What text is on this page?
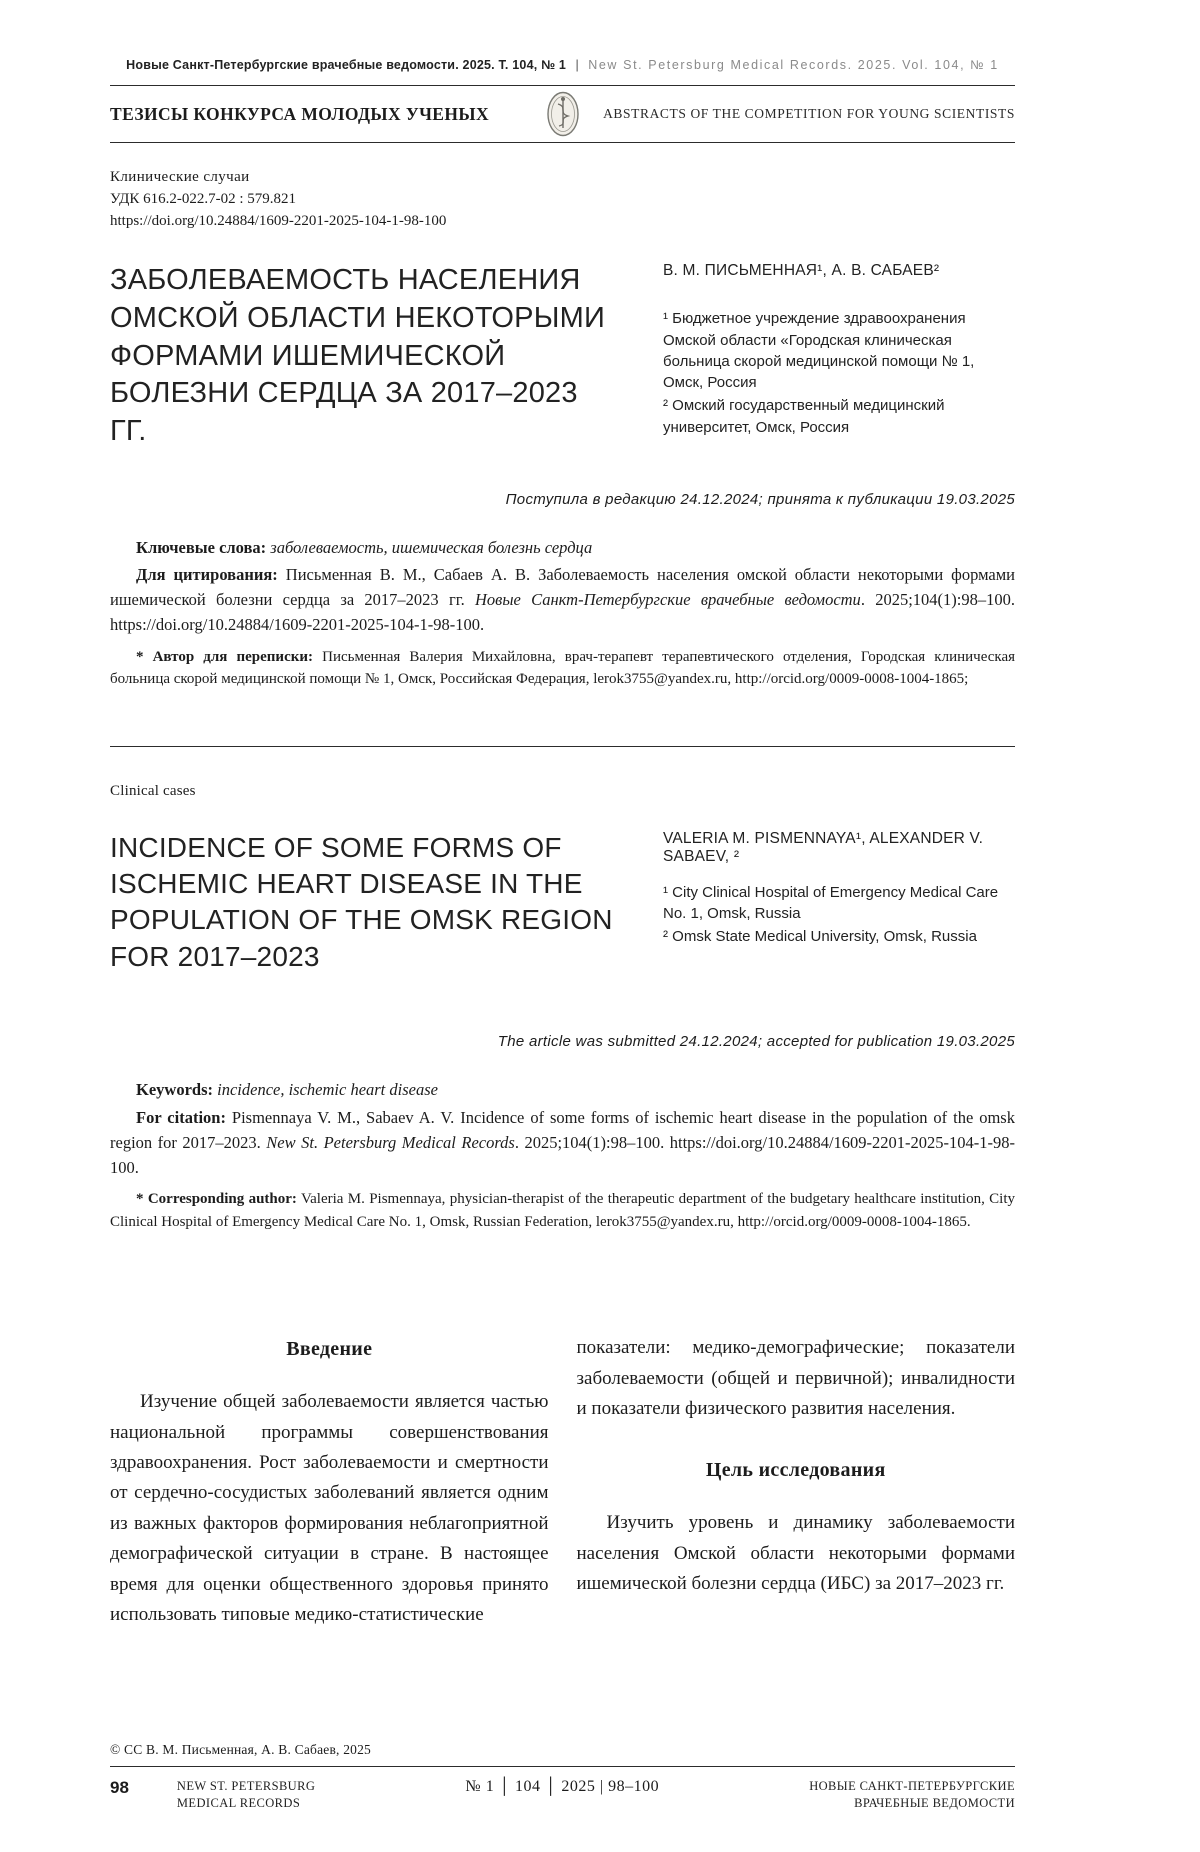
Новые Санкт-Петербургские врачебные ведомости. 2025. Т. 104, № 1 | New St. Petersburg Medical Records. 2025. Vol. 104, № 1
ТЕЗИСЫ КОНКУРСА МОЛОДЫХ УЧЕНЫХ	ABSTRACTS OF THE COMPETITION FOR YOUNG SCIENTISTS
Клинические случаи
УДК 616.2-022.7-02 : 579.821
https://doi.org/10.24884/1609-2201-2025-104-1-98-100
ЗАБОЛЕВАЕМОСТЬ НАСЕЛЕНИЯ ОМСКОЙ ОБЛАСТИ НЕКОТОРЫМИ ФОРМАМИ ИШЕМИЧЕСКОЙ БОЛЕЗНИ СЕРДЦА ЗА 2017–2023 ГГ.
В. М. ПИСЬМЕННАЯ¹, А. В. САБАЕВ²

¹ Бюджетное учреждение здравоохранения Омской области «Городская клиническая больница скорой медицинской помощи № 1, Омск, Россия

² Омский государственный медицинский университет, Омск, Россия

Поступила в редакцию 24.12.2024; принята к публикации 19.03.2025

Ключевые слова: заболеваемость, ишемическая болезнь сердца

Для цитирования: Письменная В. М., Сабаев А. В. Заболеваемость населения омской области некоторыми формами ишемической болезни сердца за 2017–2023 гг. Новые Санкт-Петербургские врачебные ведомости. 2025;104(1):98–100. https://doi.org/10.24884/1609-2201-2025-104-1-98-100.

* Автор для переписки: Письменная Валерия Михайловна, врач-терапевт терапевтического отделения, Городская клиническая больница скорой медицинской помощи № 1, Омск, Российская Федерация, lerok3755@yandex.ru, http://orcid.org/0009-0008-1004-1865;

Clinical cases
INCIDENCE OF SOME FORMS OF ISCHEMIC HEART DISEASE IN THE POPULATION OF THE OMSK REGION FOR 2017–2023
VALERIA M. PISMENNAYA¹, ALEXANDER V. SABAEV, ²

¹ City Clinical Hospital of Emergency Medical Care No. 1, Omsk, Russia

² Omsk State Medical University, Omsk, Russia

The article was submitted 24.12.2024; accepted for publication 19.03.2025

Keywords: incidence, ischemic heart disease

For citation: Pismennaya V. M., Sabaev A. V. Incidence of some forms of ischemic heart disease in the population of the omsk region for 2017–2023. New St. Petersburg Medical Records. 2025;104(1):98–100. https://doi.org/10.24884/1609-2201-2025-104-1-98-100.

* Corresponding author: Valeria M. Pismennaya, physician-therapist of the therapeutic department of the budgetary healthcare institution, City Clinical Hospital of Emergency Medical Care No. 1, Omsk, Russian Federation, lerok3755@yandex.ru, http://orcid.org/0009-0008-1004-1865.

Введение

Изучение общей заболеваемости является частью национальной программы совершенствования здравоохранения. Рост заболеваемости и смертности от сердечно-сосудистых заболеваний является одним из важных факторов формирования неблагоприятной демографической ситуации в стране. В настоящее время для оценки общественного здоровья принято использовать типовые медико-статистические

показатели: медико-демографические; показатели заболеваемости (общей и первичной); инвалидности и показатели физического развития населения.

Цель исследования

Изучить уровень и динамику заболеваемости населения Омской области некоторыми формами ишемической болезни сердца (ИБС) за 2017–2023 гг.

© СС В. М. Письменная, А. В. Сабаев, 2025
98	NEW ST. PETERSBURG
MEDICAL RECORDS
№ 1 │ 104 │ 2025 | 98–100	НОВЫЕ САНКТ-ПЕТЕРБУРГСКИЕ
ВРАЧЕБНЫЕ ВЕДОМОСТИ
